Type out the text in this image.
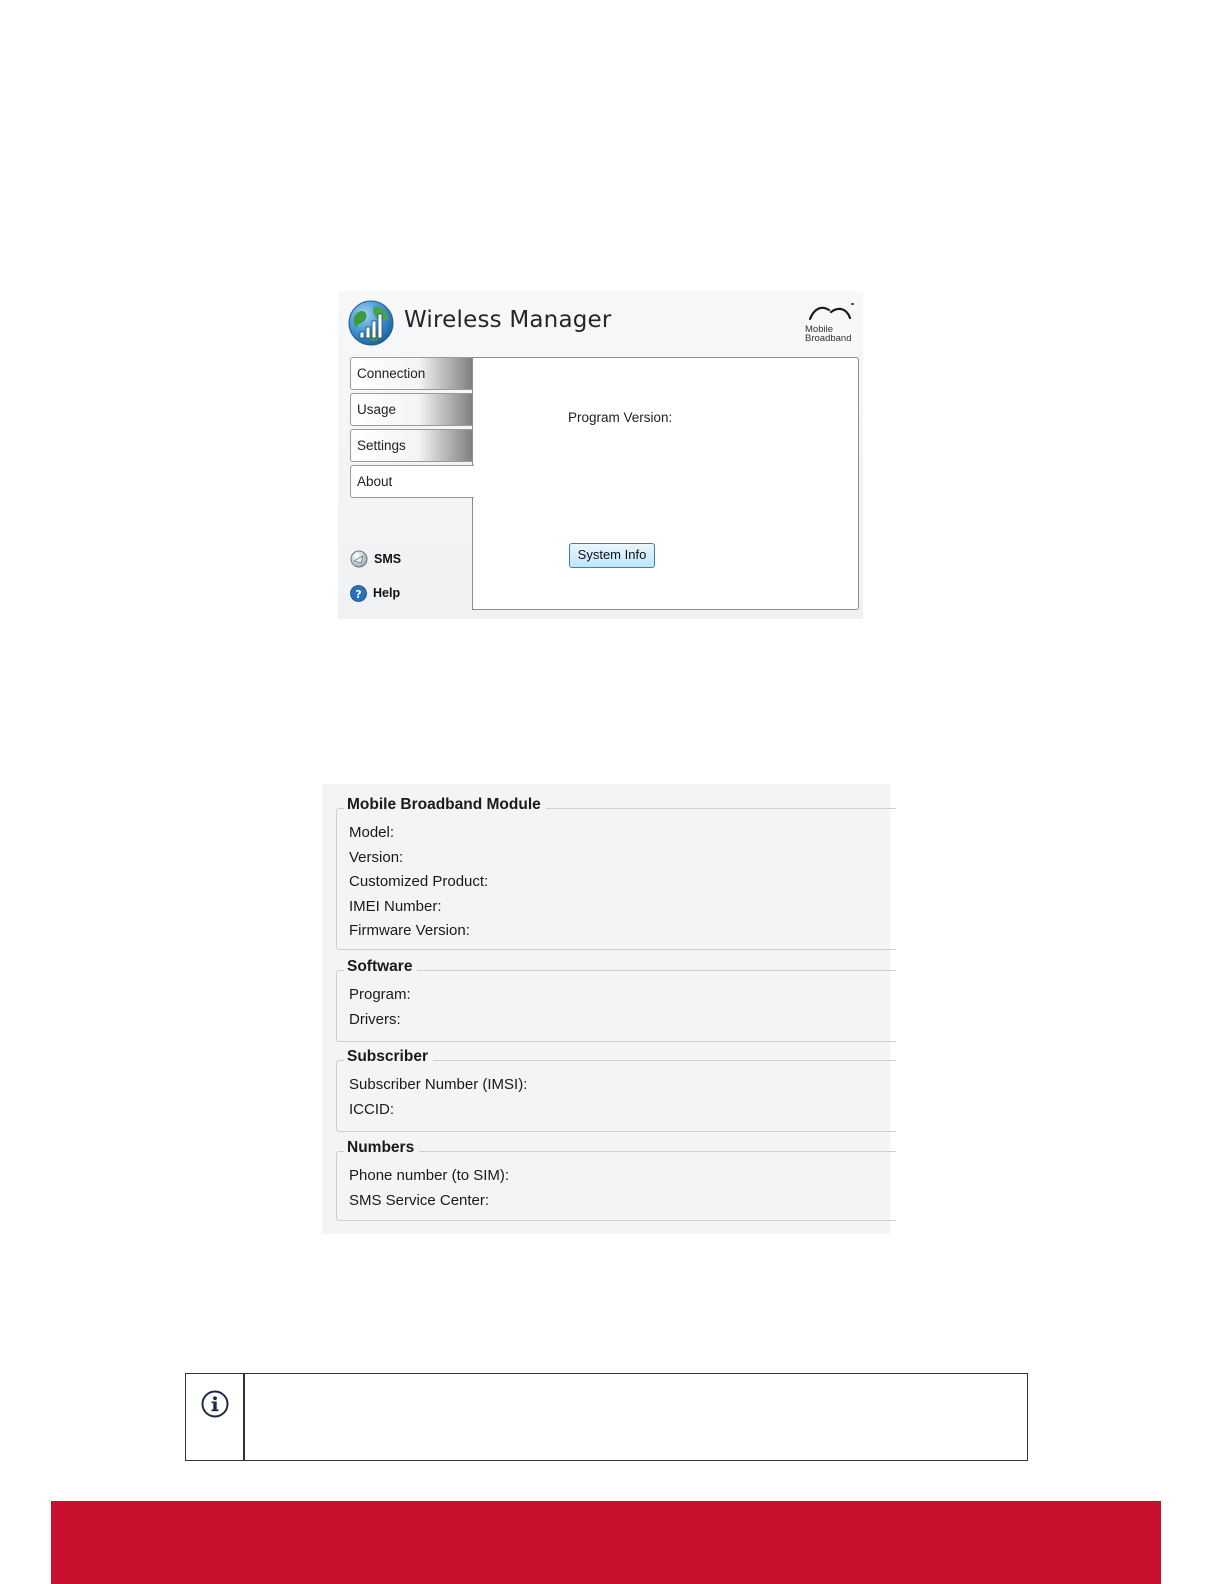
Wireless Manager	Mobile
Broadband
Connection
Usage
Settings
About
Program Version:
System Info
SMS
? Help
Mobile Broadband Module
Model:
Version:
Customized Product:
IMEI Number:
Firmware Version:
Software
Program:
Drivers:
Subscriber
Subscriber Number (IMSI):
ICCID:
Numbers
Phone number (to SIM):
SMS Service Center:
